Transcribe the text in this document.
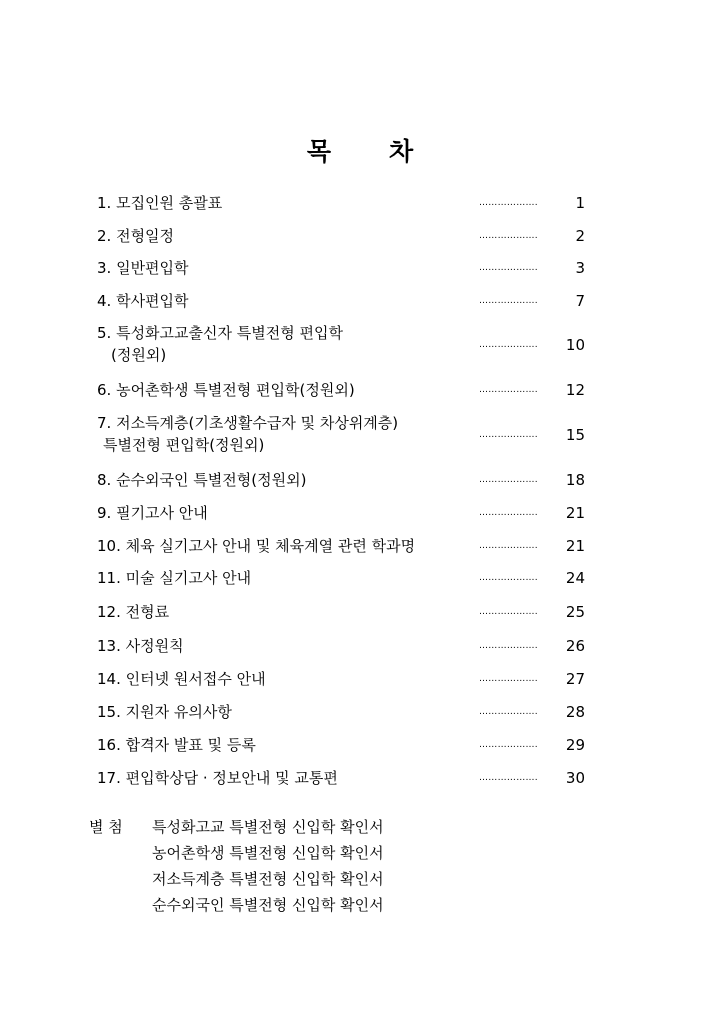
목 차
1. 모집인원 총괄표	……………….	1
2. 전형일정	……………….	2
3. 일반편입학	……………….	3
4. 학사편입학	……………….	7
5. 특성화고교출신자 특별전형 편입학
(정원외)
……………….	10
6. 농어촌학생 특별전형 편입학(정원외)	……………….	12
7. 저소득계층(기초생활수급자 및 차상위계층)
특별전형 편입학(정원외)
……………….	15
8. 순수외국인 특별전형(정원외)	……………….	18
9. 필기고사 안내	……………….	21
10. 체육 실기고사 안내 및 체육계열 관련 학과명	……………….	21
11. 미술 실기고사 안내	……………….	24
12. 전형료	……………….	25
13. 사정원칙	……………….	26
14. 인터넷 원서접수 안내	……………….	27
15. 지원자 유의사항	……………….	28
16. 합격자 발표 및 등록	……………….	29
17. 편입학상담 · 정보안내 및 교통편	……………….	30
별 첨 특성화고교 특별전형 신입학 확인서
농어촌학생 특별전형 신입학 확인서
저소득계층 특별전형 신입학 확인서
순수외국인 특별전형 신입학 확인서
